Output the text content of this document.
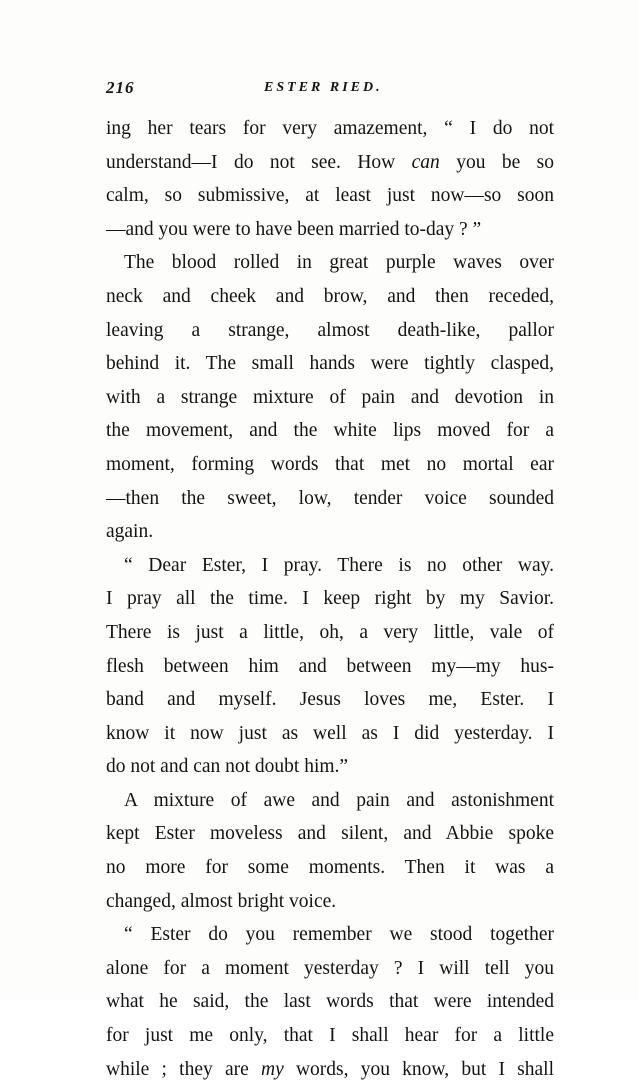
216	ESTER RIED.
ing her tears for very amazement, “ I do not
understand—I do not see. How can you be so
calm, so submissive, at least just now—so soon
—and you were to have been married to-day ? ”
The blood rolled in great purple waves over
neck and cheek and brow, and then receded,
leaving a strange, almost death-like, pallor
behind it. The small hands were tightly clasped,
with a strange mixture of pain and devotion in
the movement, and the white lips moved for a
moment, forming words that met no mortal ear
—then the sweet, low, tender voice sounded
again.
“ Dear Ester, I pray. There is no other way.
I pray all the time. I keep right by my Savior.
There is just a little, oh, a very little, vale of
flesh between him and between my—my hus-
band and myself. Jesus loves me, Ester. I
know it now just as well as I did yesterday. I
do not and can not doubt him.”
A mixture of awe and pain and astonishment
kept Ester moveless and silent, and Abbie spoke
no more for some moments. Then it was a
changed, almost bright voice.
“ Ester do you remember we stood together
alone for a moment yesterday ? I will tell you
what he said, the last words that were intended
for just me only, that I shall hear for a little
while ; they are my words, you know, but I shall
